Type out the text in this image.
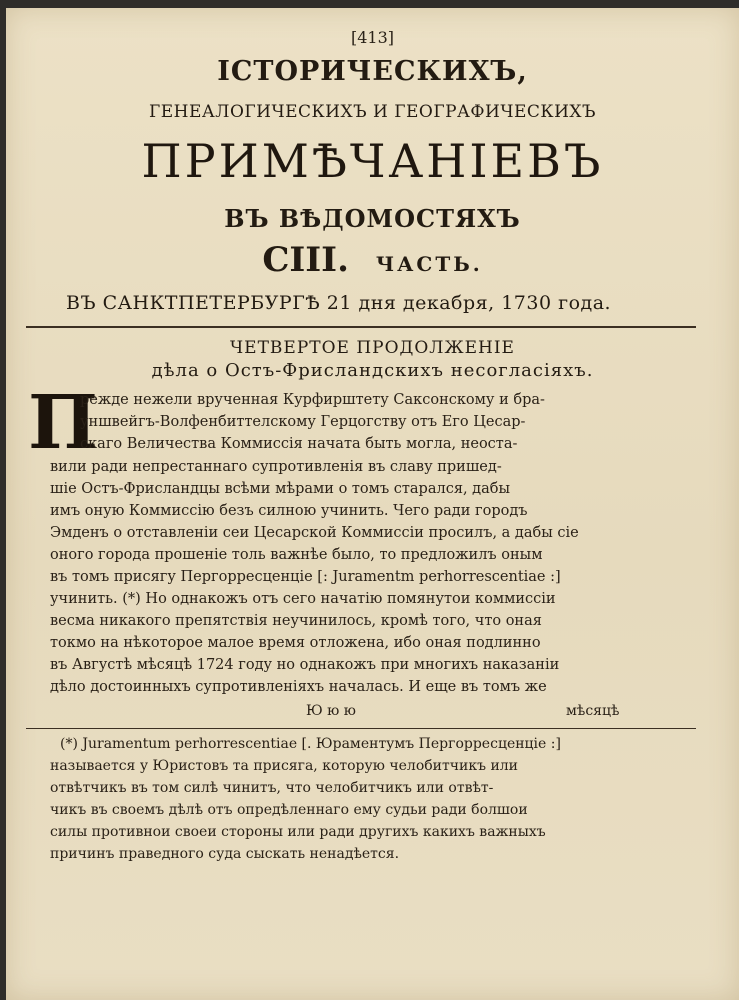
[413]
ІСТОРИЧЕСКИХЪ,
ГЕНЕАЛОГИЧЕСКИХЪ И ГЕОГРАФИЧЕСКИХЪ
ПРИМѢЧАНІЕВЪ
ВЪ ВѢДОМОСТЯХЪ
CIII. ЧАСТЬ.
ВЪ САНКТПЕТЕРБУРГѢ 21 дня декабря, 1730 года.
ЧЕТВЕРТОЕ ПРОДОЛЖЕНІЕ
дѣла о Остъ-Фрисландскихъ несогласіяхъ.
П
режде нежели врученная Курфирштету Саксонскому и бра-
уншвейгъ-Волфенбиттелскому Герцогству отъ Его Цесар-
скаго Величества Коммиссія начата быть могла, неоста-
вили ради непрестаннаго супротивленія въ славу пришед-
шіе Остъ-Фрисландцы всѣми мѣрами о томъ старался, дабы
имъ оную Коммиссію безъ силною учинить. Чего ради городъ
Эмденъ о отставленіи сеи Цесарской Коммиссіи просилъ, а дабы сіе
оного города прошеніе толь важнѣе было, то предложилъ оным
въ томъ присягу Пергорресценціе [: Juramentm perhorrescentiae :]
учинить. (*) Но однакожъ отъ сего начатію помянутои коммиссіи
весма никакого препятствія неучинилось, кромѣ того, что оная
токмо на нѣкоторое малое время отложена, ибо оная подлинно
въ Августѣ мѣсяцѣ 1724 году но однакожъ при многихъ наказаніи
дѣло достоинныхъ супротивленіяхъ началась. И еще въ томъ же
Ю ю ю	мѣсяцѣ
(*) Juramentum perhorrescentiae [. Юраментумъ Пергорресценціе :]
называется у Юристовъ та присяга, которую челобитчикъ или
отвѣтчикъ въ том силѣ чинитъ, что челобитчикъ или отвѣт-
чикъ въ своемъ дѣлѣ отъ опредѣленнаго ему судьи ради болшои
силы противнои своеи стороны или ради другихъ какихъ важныхъ
причинъ праведного суда сыскать ненадѣется.
